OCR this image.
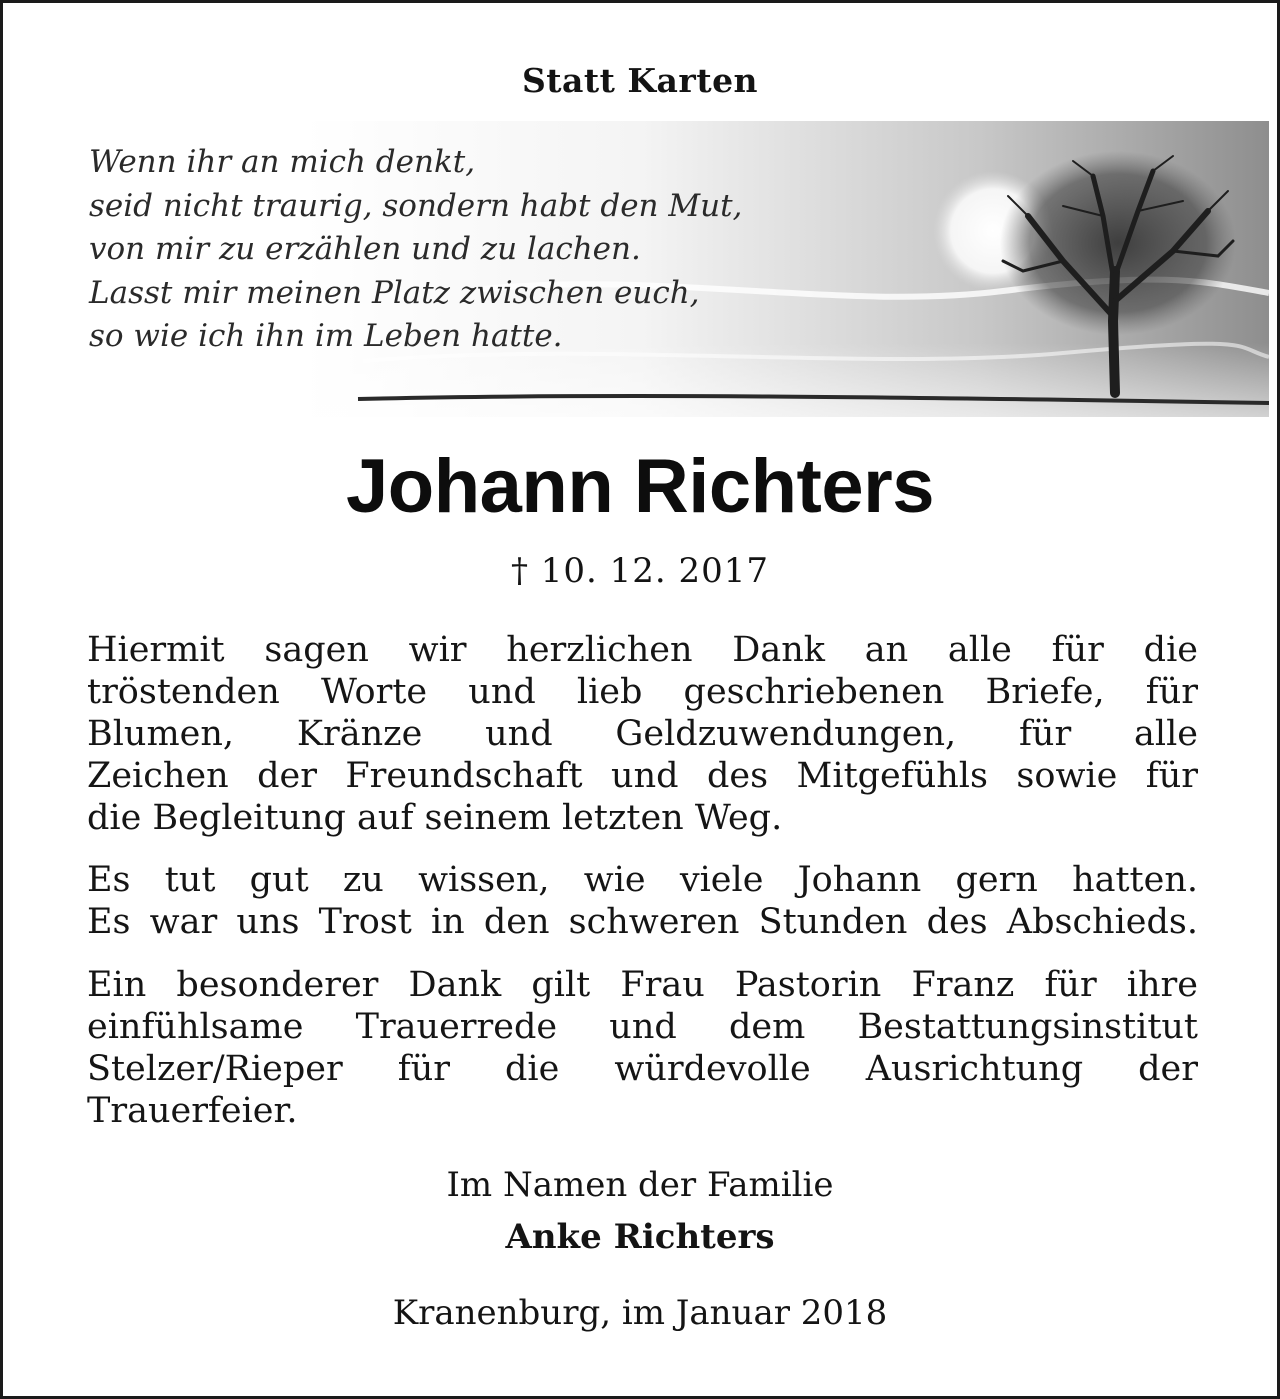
Statt Karten
Wenn ihr an mich denkt,
seid nicht traurig, sondern habt den Mut,
von mir zu erzählen und zu lachen.
Lasst mir meinen Platz zwischen euch,
so wie ich ihn im Leben hatte.
Johann Richters
† 10. 12. 2017
Hiermit sagen wir herzlichen Dank an alle für die
tröstenden Worte und lieb geschriebenen Briefe, für
Blumen, Kränze und Geldzuwendungen, für alle
Zeichen der Freundschaft und des Mitgefühls sowie für
die Begleitung auf seinem letzten Weg.
Es tut gut zu wissen, wie viele Johann gern hatten.
Es war uns Trost in den schweren Stunden des Abschieds.
Ein besonderer Dank gilt Frau Pastorin Franz für ihre
einfühlsame Trauerrede und dem Bestattungsinstitut
Stelzer/Rieper für die würdevolle Ausrichtung der
Trauerfeier.
Im Namen der Familie
Anke Richters
Kranenburg, im Januar 2018
